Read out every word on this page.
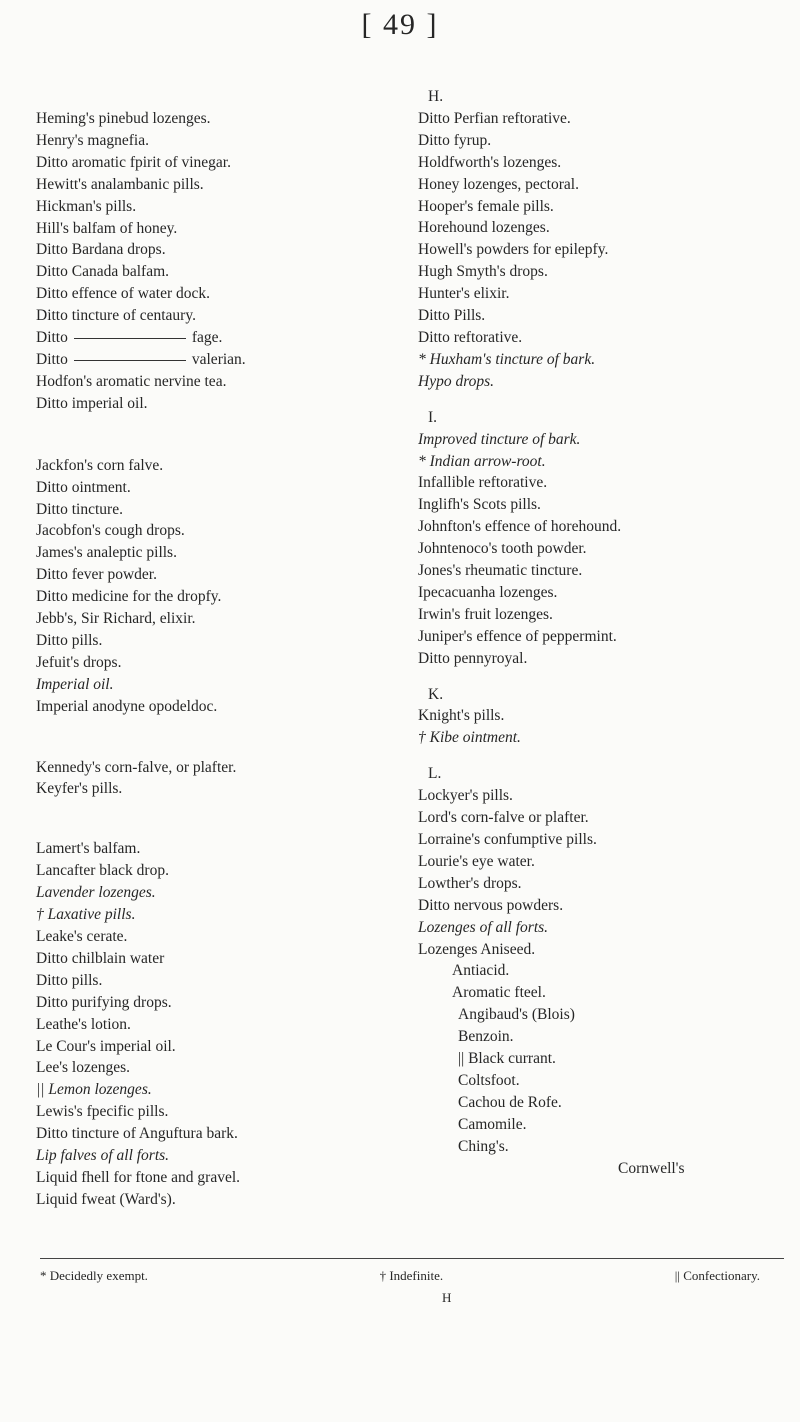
[ 49 ]
Heming's pinebud lozenges.
Henry's magnefia.
Ditto aromatic fpirit of vinegar.
Hewitt's analambanic pills.
Hickman's pills.
Hill's balfam of honey.
Ditto Bardana drops.
Ditto Canada balfam.
Ditto effence of water dock.
Ditto tincture of centaury.
Ditto	fage.
Ditto	valerian.
Hodfon's aromatic nervine tea.
Ditto imperial oil.
Jackfon's corn falve.
Ditto ointment.
Ditto tincture.
Jacobfon's cough drops.
James's analeptic pills.
Ditto fever powder.
Ditto medicine for the dropfy.
Jebb's, Sir Richard, elixir.
Ditto pills.
Jefuit's drops.
Imperial oil.
Imperial anodyne opodeldoc.
Kennedy's corn-falve, or plafter.
Keyfer's pills.
Lamert's balfam.
Lancafter black drop.
Lavender lozenges.
† Laxative pills.
Leake's cerate.
Ditto chilblain water
Ditto pills.
Ditto purifying drops.
Leathe's lotion.
Le Cour's imperial oil.
Lee's lozenges.
|| Lemon lozenges.
Lewis's fpecific pills.
Ditto tincture of Anguftura bark.
Lip falves of all forts.
Liquid fhell for ftone and gravel.
Liquid fweat (Ward's).
H.
Ditto Perfian reftorative.
Ditto fyrup.
Holdfworth's lozenges.
Honey lozenges, pectoral.
Hooper's female pills.
Horehound lozenges.
Howell's powders for epilepfy.
Hugh Smyth's drops.
Hunter's elixir.
Ditto Pills.
Ditto reftorative.
* Huxham's tincture of bark.
Hypo drops.
I.
Improved tincture of bark.
* Indian arrow-root.
Infallible reftorative.
Inglifh's Scots pills.
Johnfton's effence of horehound.
Johntenoco's tooth powder.
Jones's rheumatic tincture.
Ipecacuanha lozenges.
Irwin's fruit lozenges.
Juniper's effence of peppermint.
Ditto pennyroyal.
K.
Knight's pills.
† Kibe ointment.
L.
Lockyer's pills.
Lord's corn-falve or plafter.
Lorraine's confumptive pills.
Lourie's eye water.
Lowther's drops.
Ditto nervous powders.
Lozenges of all forts.
Lozenges Aniseed.
Antiacid.
Aromatic fteel.
Angibaud's (Blois)
Benzoin.
|| Black currant.
Coltsfoot.
Cachou de Rofe.
Camomile.
Ching's.
Cornwell's
* Decidedly exempt.	† Indefinite.	|| Confectionary.
H
